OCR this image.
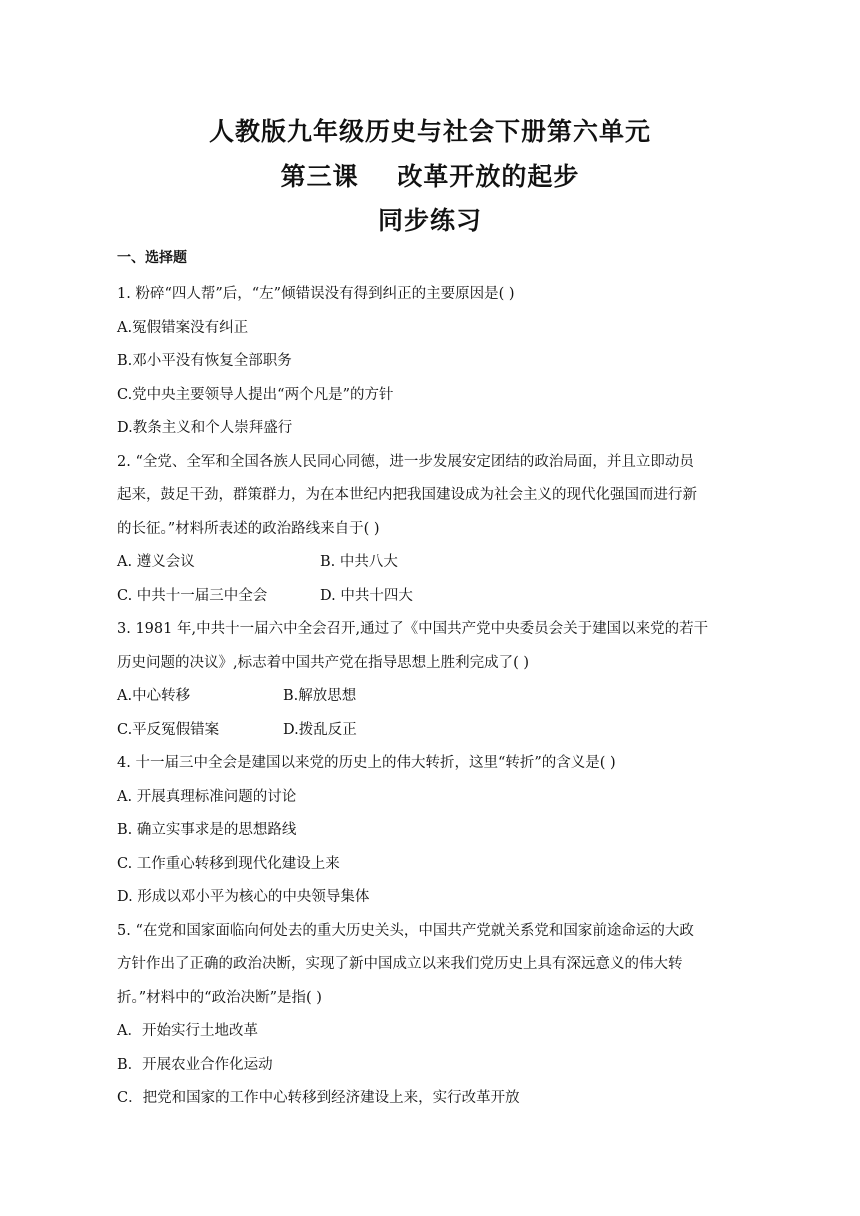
人教版九年级历史与社会下册第六单元
第三课    改革开放的起步
同步练习
一、选择题
1. 粉碎“四人帮”后，“左”倾错误没有得到纠正的主要原因是( )
A.冤假错案没有纠正
B.邓小平没有恢复全部职务
C.党中央主要领导人提出“两个凡是”的方针
D.教条主义和个人崇拜盛行
2. “全党、全军和全国各族人民同心同德，进一步发展安定团结的政治局面，并且立即动员
起来，鼓足干劲，群策群力，为在本世纪内把我国建设成为社会主义的现代化强国而进行新
的长征。”材料所表述的政治路线来自于( )
A. 遵义会议	B. 中共八大
C. 中共十一届三中全会	D. 中共十四大
3. 1981 年,中共十一届六中全会召开,通过了《中国共产党中央委员会关于建国以来党的若干
历史问题的决议》,标志着中国共产党在指导思想上胜利完成了( )
A.中心转移	B.解放思想
C.平反冤假错案	D.拨乱反正
4. 十一届三中全会是建国以来党的历史上的伟大转折，这里“转折”的含义是( )
A. 开展真理标准问题的讨论
B. 确立实事求是的思想路线
C. 工作重心转移到现代化建设上来
D. 形成以邓小平为核心的中央领导集体
5. “在党和国家面临向何处去的重大历史关头，中国共产党就关系党和国家前途命运的大政
方针作出了正确的政治决断，实现了新中国成立以来我们党历史上具有深远意义的伟大转
折。”材料中的“政治决断”是指( )
A．开始实行土地改革
B．开展农业合作化运动
C．把党和国家的工作中心转移到经济建设上来，实行改革开放
